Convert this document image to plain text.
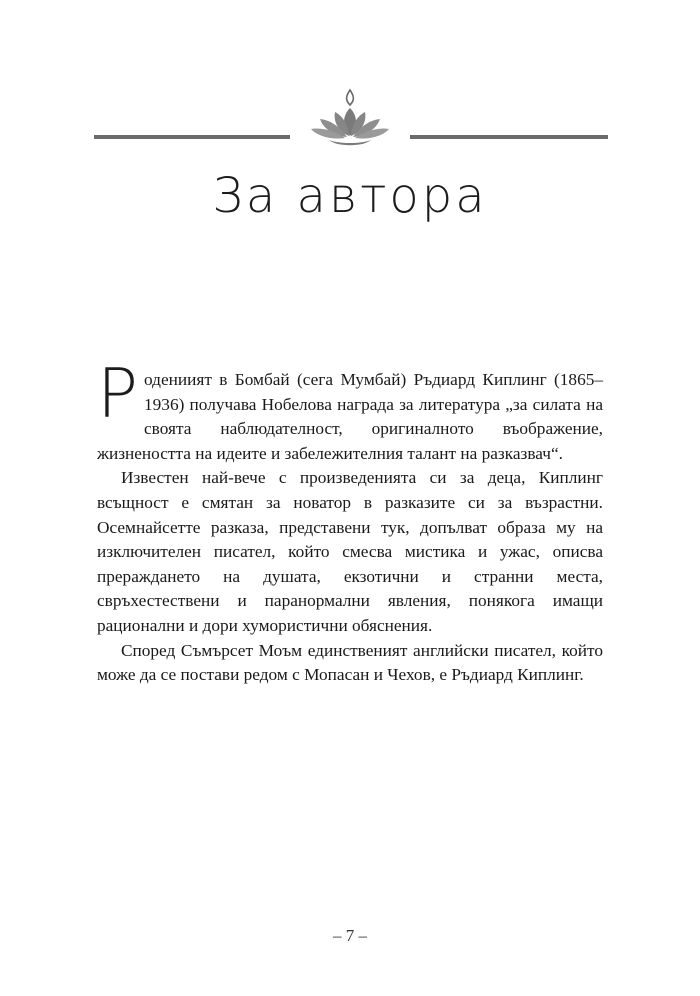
За автора

Родениият в Бомбай (сега Мумбай) Ръдиард Киплинг (1865–1936) получава Нобелова награда за литература „за силата на своята наблюдателност, оригиналното въображение, жизнеността на идеите и забележителния талант на разказвач“.

Известен най-вече с произведенията си за деца, Киплинг всъщност е смятан за новатор в разказите си за възрастни. Осемнайсетте разказа, представени тук, допълват образа му на изключителен писател, който смесва мистика и ужас, описва прераждането на душата, екзотични и странни места, свръхестествени и паранормални явления, понякога имащи рационални и дори хумористични обяснения.

Според Съмърсет Моъм единственият английски писател, който може да се постави редом с Мопасан и Чехов, е Ръдиард Киплинг.

– 7 –
